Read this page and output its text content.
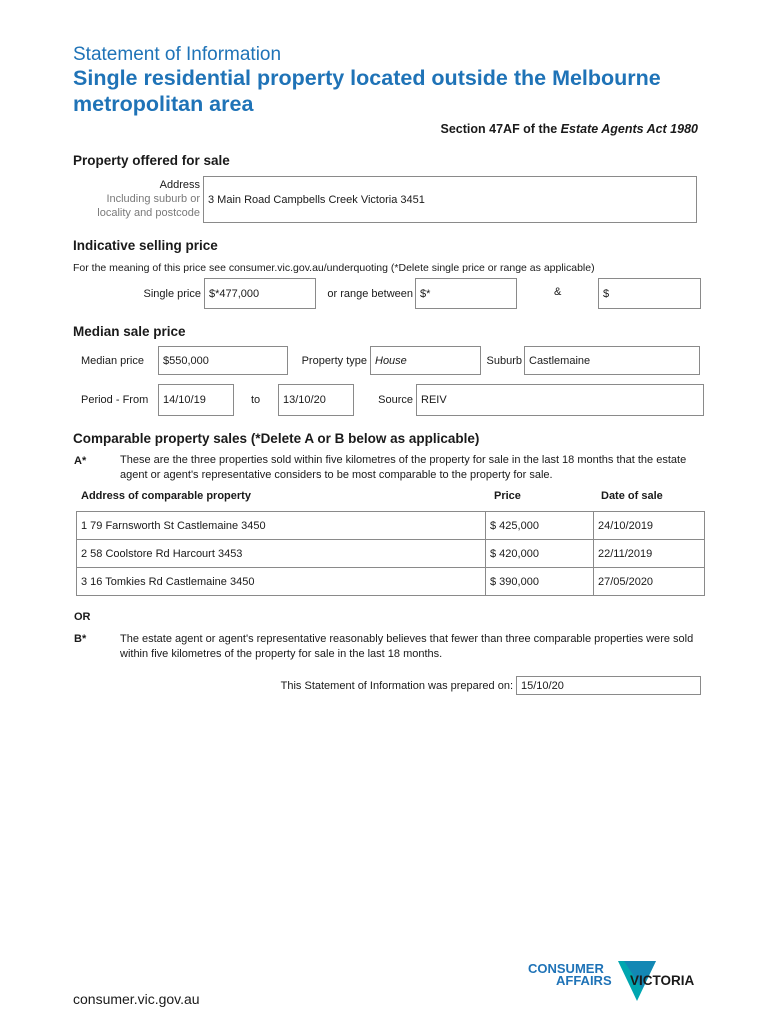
Statement of Information
Single residential property located outside the Melbourne metropolitan area
Section 47AF of the Estate Agents Act 1980
Property offered for sale
Address
Including suburb or
locality and postcode
3 Main Road Campbells Creek Victoria 3451
Indicative selling price
For the meaning of this price see consumer.vic.gov.au/underquoting (*Delete single price or range as applicable)
Single price $*477,000	or range between $*	&	$
Median sale price
Median price	$550,000	Property type House	Suburb Castlemaine
Period - From	14/10/19	to	13/10/20	Source REIV
Comparable property sales (*Delete A or B below as applicable)
A*	These are the three properties sold within five kilometres of the property for sale in the last 18 months that the estate agent or agent's representative considers to be most comparable to the property for sale.
Address of comparable property	Price	Date of sale
1 79 Farnsworth St Castlemaine 3450	$ 425,000	24/10/2019
2 58 Coolstore Rd Harcourt 3453	$ 420,000	22/11/2019
3 16 Tomkies Rd Castlemaine 3450	$ 390,000	27/05/2020
OR
B*	The estate agent or agent's representative reasonably believes that fewer than three comparable properties were sold within five kilometres of the property for sale in the last 18 months.
This Statement of Information was prepared on: 15/10/20
consumer.vic.gov.au
CONSUMER
AFFAIRS VICTORIA
